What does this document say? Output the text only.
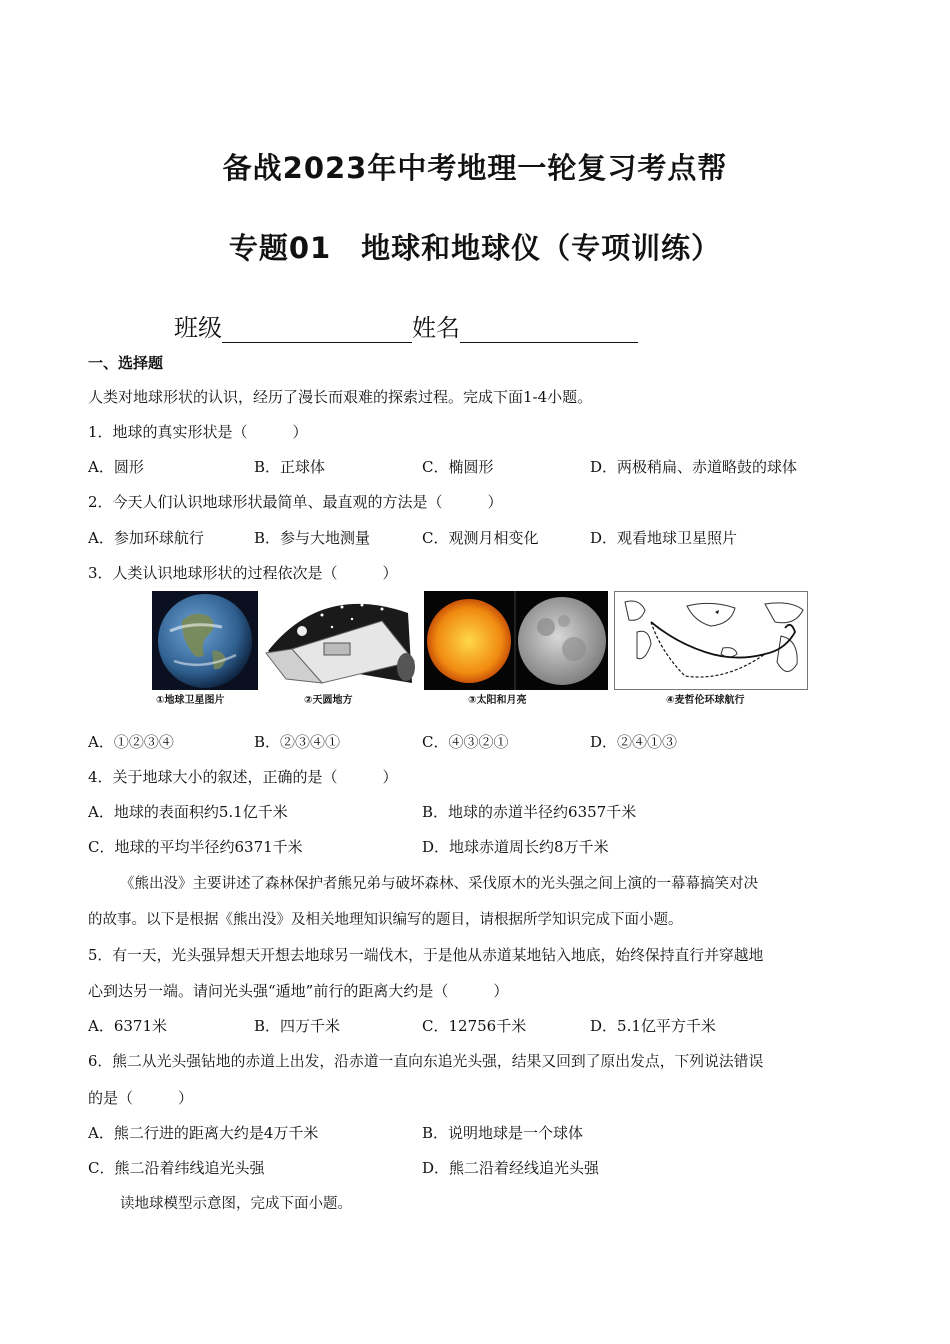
备战2023年中考地理一轮复习考点帮
专题01　地球和地球仪（专项训练）
班级	姓名
一、选择题
人类对地球形状的认识，经历了漫长而艰难的探索过程。完成下面1-4小题。
1．地球的真实形状是（　　　）
A．圆形	B．正球体	C．椭圆形	D．两极稍扁、赤道略鼓的球体
2．今天人们认识地球形状最简单、最直观的方法是（　　　）
A．参加环球航行	B．参与大地测量	C．观测月相变化	D．观看地球卫星照片
3．人类认识地球形状的过程依次是（　　　）
①地球卫星图片	②天圆地方	③太阳和月亮	④麦哲伦环球航行
A．①②③④	B．②③④①	C．④③②①	D．②④①③
4．关于地球大小的叙述，正确的是（　　　）
A．地球的表面积约5.1亿千米	B．地球的赤道半径约6357千米
C．地球的平均半径约6371千米	D．地球赤道周长约8万千米
《熊出没》主要讲述了森林保护者熊兄弟与破坏森林、采伐原木的光头强之间上演的一幕幕搞笑对决
的故事。以下是根据《熊出没》及相关地理知识编写的题目，请根据所学知识完成下面小题。
5．有一天，光头强异想天开想去地球另一端伐木，于是他从赤道某地钻入地底，始终保持直行并穿越地
心到达另一端。请问光头强“遁地”前行的距离大约是（　　　）
A．6371米	B．四万千米	C．12756千米	D．5.1亿平方千米
6．熊二从光头强钻地的赤道上出发，沿赤道一直向东追光头强，结果又回到了原出发点，下列说法错误
的是（　　　）
A．熊二行进的距离大约是4万千米	B．说明地球是一个球体
C．熊二沿着纬线追光头强	D．熊二沿着经线追光头强
读地球模型示意图，完成下面小题。
